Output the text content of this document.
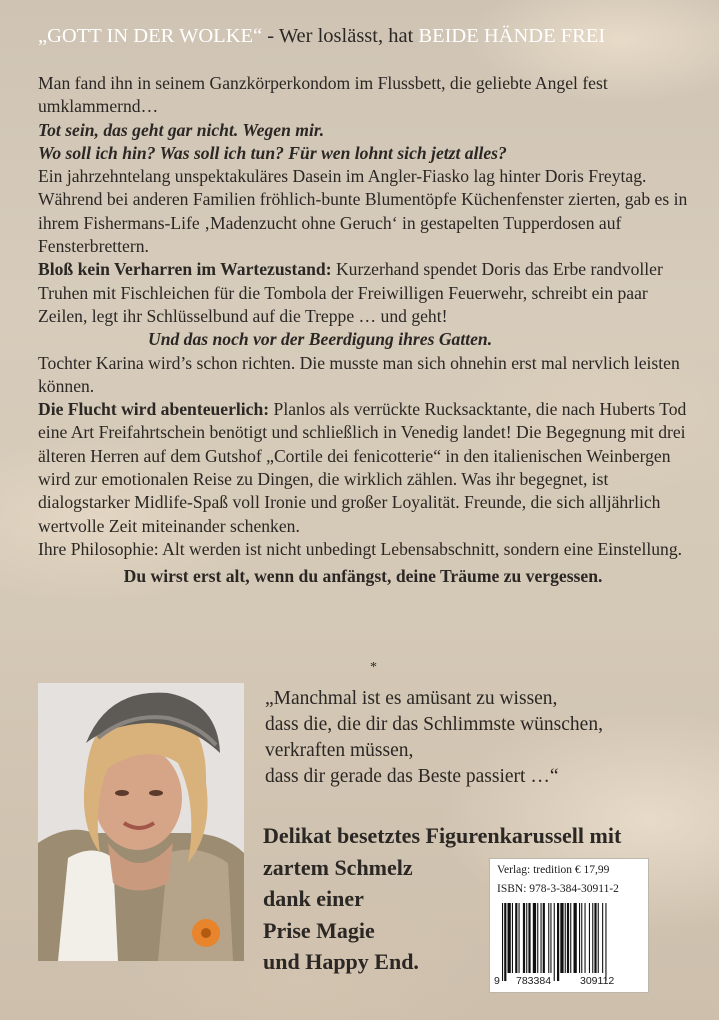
„GOTT IN DER WOLKE“ - Wer loslässt, hat BEIDE HÄNDE FREI

Man fand ihn in seinem Ganzkörperkondom im Flussbett, die geliebte Angel fest umklammernd…

Tot sein, das geht gar nicht. Wegen mir.

Wo soll ich hin? Was soll ich tun? Für wen lohnt sich jetzt alles?

Ein jahrzehntelang unspektakuläres Dasein im Angler-Fiasko lag hinter Doris Freytag. Während bei anderen Familien fröhlich-bunte Blumentöpfe Küchenfenster zierten, gab es in ihrem Fishermans-Life ‚Madenzucht ohne Geruch‘ in gestapelten Tupperdosen auf Fensterbrettern.

Bloß kein Verharren im Wartezustand: Kurzerhand spendet Doris das Erbe randvoller Truhen mit Fischleichen für die Tombola der Freiwilligen Feuerwehr, schreibt ein paar Zeilen, legt ihr Schlüsselbund auf die Treppe … und geht!

Und das noch vor der Beerdigung ihres Gatten.

Tochter Karina wird’s schon richten. Die musste man sich ohnehin erst mal nervlich leisten können.

Die Flucht wird abenteuerlich: Planlos als verrückte Rucksacktante, die nach Huberts Tod eine Art Freifahrtschein benötigt und schließlich in Venedig landet! Die Begegnung mit drei älteren Herren auf dem Gutshof „Cortile dei fenicotterie“ in den italienischen Weinbergen wird zur emotionalen Reise zu Dingen, die wirklich zählen. Was ihr begegnet, ist dialogstarker Midlife-Spaß voll Ironie und großer Loyalität. Freunde, die sich alljährlich wertvolle Zeit miteinander schenken.

Ihre Philosophie: Alt werden ist nicht unbedingt Lebensabschnitt, sondern eine Einstellung.

Du wirst erst alt, wenn du anfängst, deine Träume zu vergessen.

*

„Manchmal ist es amüsant zu wissen,

dass die, die dir das Schlimmste wünschen,

verkraften müssen,

dass dir gerade das Beste passiert …“

Delikat besetztes Figurenkarussell mit

zartem Schmelz

dank einer

Prise Magie

und Happy End.

Verlag: tredition € 17,99
ISBN: 978-3-384-30911-2
9 783384	309112
